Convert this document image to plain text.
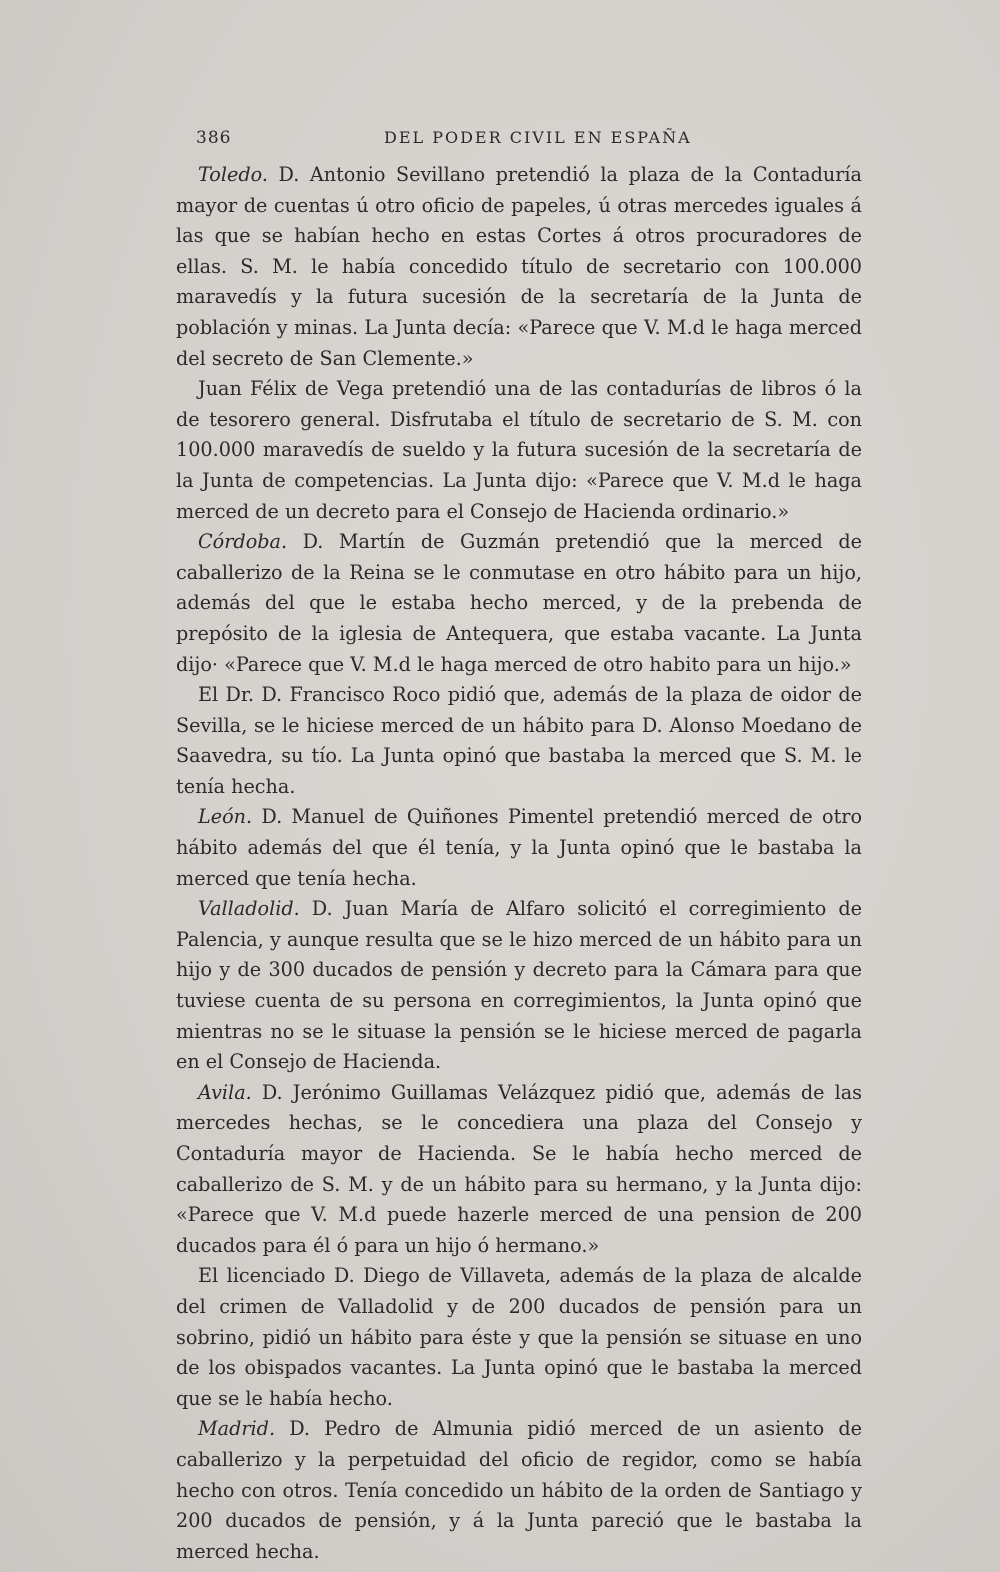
386	DEL PODER CIVIL EN ESPAÑA

Toledo. D. Antonio Sevillano pretendió la plaza de la Contaduría mayor de cuentas ú otro oficio de papeles, ú otras mercedes iguales á las que se habían hecho en estas Cortes á otros procuradores de ellas. S. M. le había concedido título de secretario con 100.000 maravedís y la futura sucesión de la secretaría de la Junta de población y minas. La Junta decía: «Parece que V. M.d le haga merced del secreto de San Clemente.»

Juan Félix de Vega pretendió una de las contadurías de libros ó la de tesorero general. Disfrutaba el título de secretario de S. M. con 100.000 maravedís de sueldo y la futura sucesión de la secretaría de la Junta de competencias. La Junta dijo: «Parece que V. M.d le haga merced de un decreto para el Consejo de Hacienda ordinario.»

Córdoba. D. Martín de Guzmán pretendió que la merced de caballerizo de la Reina se le conmutase en otro hábito para un hijo, además del que le estaba hecho merced, y de la prebenda de prepósito de la iglesia de Antequera, que estaba vacante. La Junta dijo· «Parece que V. M.d le haga merced de otro habito para un hijo.»

El Dr. D. Francisco Roco pidió que, además de la plaza de oidor de Sevilla, se le hiciese merced de un hábito para D. Alonso Moedano de Saavedra, su tío. La Junta opinó que bastaba la merced que S. M. le tenía hecha.

León. D. Manuel de Quiñones Pimentel pretendió merced de otro hábito además del que él tenía, y la Junta opinó que le bastaba la merced que tenía hecha.

Valladolid. D. Juan María de Alfaro solicitó el corregimiento de Palencia, y aunque resulta que se le hizo merced de un hábito para un hijo y de 300 ducados de pensión y decreto para la Cámara para que tuviese cuenta de su persona en corregimientos, la Junta opinó que mientras no se le situase la pensión se le hiciese merced de pagarla en el Consejo de Hacienda.

Avila. D. Jerónimo Guillamas Velázquez pidió que, además de las mercedes hechas, se le concediera una plaza del Consejo y Contaduría mayor de Hacienda. Se le había hecho merced de caballerizo de S. M. y de un hábito para su hermano, y la Junta dijo: «Parece que V. M.d puede hazerle merced de una pension de 200 ducados para él ó para un hijo ó hermano.»

El licenciado D. Diego de Villaveta, además de la plaza de alcalde del crimen de Valladolid y de 200 ducados de pensión para un sobrino, pidió un hábito para éste y que la pensión se situase en uno de los obispados vacantes. La Junta opinó que le bastaba la merced que se le había hecho.

Madrid. D. Pedro de Almunia pidió merced de un asiento de caballerizo y la perpetuidad del oficio de regidor, como se había hecho con otros. Tenía concedido un hábito de la orden de Santiago y 200 ducados de pensión, y á la Junta pareció que le bastaba la merced hecha.
